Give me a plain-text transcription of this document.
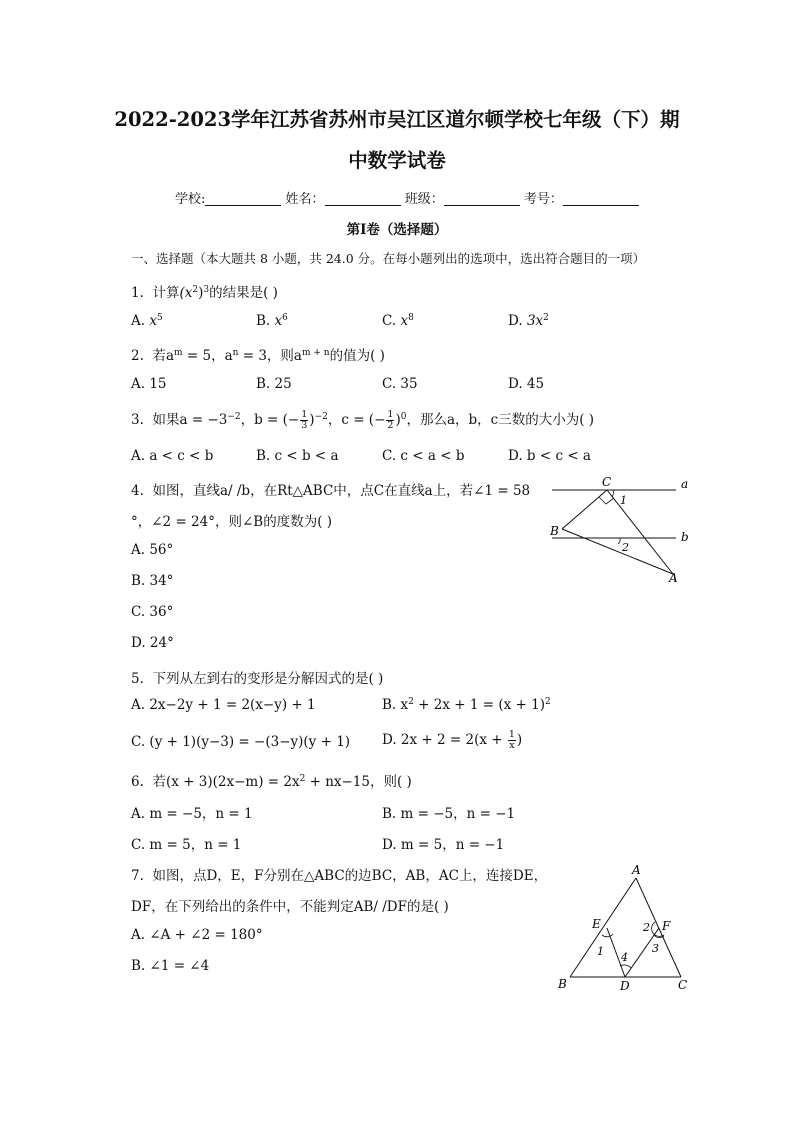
2022-2023学年江苏省苏州市吴江区道尔顿学校七年级（下）期
中数学试卷
学校:	姓名：	班级：	考号：
第I卷（选择题）
一、选择题（本大题共 8 小题，共 24.0 分。在每小题列出的选项中，选出符合题目的一项）
1. 计算$(x^2)^3$的结果是( )
A. $x^5$	B. $x^6$	C. $x^8$	D. $3x^2$
2. 若$a^m = 5$，$a^n = 3$，则$a^{m + n}$的值为( )
A. 15	B. 25	C. 35	D. 45
3. 如果$a = -3^{-2}$，b = (− $\frac{1}{3} )^{-2}$，c = (− $\frac{1}{2} )^0$，那么a，b，c三数的大小为( )
A. a < c < b	B. c < b < a	C. c < a < b	D. b < c < a
4. 如图，直线a/ /b，在Rt△ABC中，点C在直线a上，若∠1 = 58
°，∠2 = 24°，则∠B的度数为( )
A. 56°
B. 34°
C. 36°
D. 24°
C	a
b
B
A
1
2
5. 下列从左到右的变形是分解因式的是( )
A. 2x−2y + 1 = 2(x−y) + 1	B. $x^2 + 2x + 1 = (x + 1)^2$
C. (y + 1)(y−3) = −(3−y)(y + 1) D. $2x + 2 = 2(x + \frac{1}{x}$ )
6. 若$(x + 3)(2x-m) = 2x^2 + nx-15$，则( )
A. m = −5，n = 1	B. m = −5，n = −1
C. m = 5，n = 1	D. m = 5，n = −1
7. 如图，点D，E，F分别在△ABC的边BC，AB，AC上，连接DE，
DF，在下列给出的条件中，不能判定AB/ /DF的是( )
A. ∠A + ∠2 = 180°
B. ∠1 = ∠4
A
E	F
B	D	C
1
2
3
4
